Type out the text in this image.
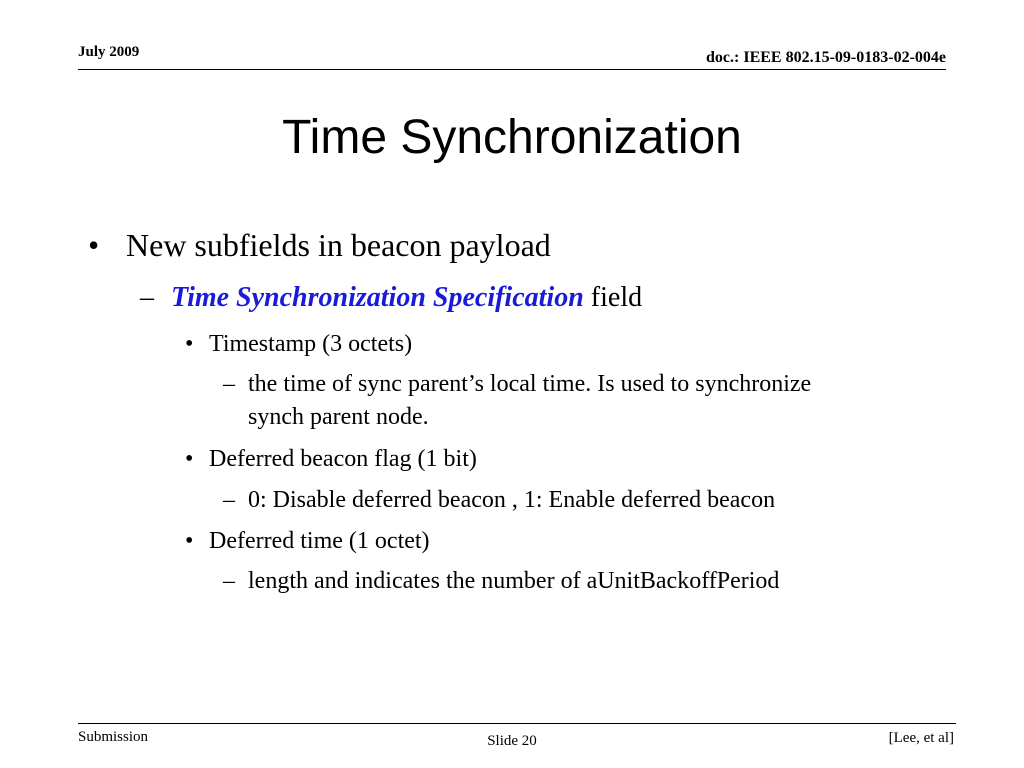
July 2009	doc.: IEEE 802.15-09-0183-02-004e
Time Synchronization
• New subfields in beacon payload
– Time Synchronization Specification field
• Timestamp (3 octets)
– the time of sync parent’s local time. Is used to synchronize
synch parent node.
• Deferred beacon flag (1 bit)
– 0: Disable deferred beacon , 1: Enable deferred beacon
• Deferred time (1 octet)
– length and indicates the number of aUnitBackoffPeriod
Submission	Slide 20	[Lee, et al]
